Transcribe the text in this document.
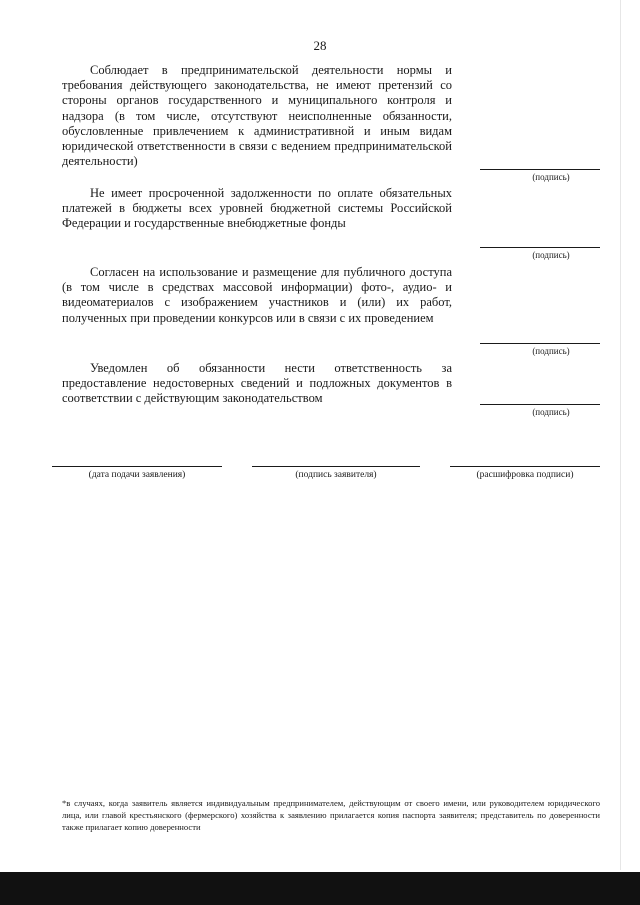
28
Соблюдает в предпринимательской деятельности нормы и требования действующего законодательства, не имеют претензий со стороны органов государственного и муниципального контроля и надзора (в том числе, отсутствуют неисполненные обязанности, обусловленные привлечением к административной и иным видам юридической ответственности в связи с ведением предпринимательской деятельности)
(подпись)
Не имеет просроченной задолженности по оплате обязательных платежей в бюджеты всех уровней бюджетной системы Российской Федерации и государственные внебюджетные фонды
(подпись)
Согласен на использование и размещение для публичного доступа (в том числе в средствах массовой информации) фото-, аудио- и видеоматериалов с изображением участников и (или) их работ, полученных при проведении конкурсов или в связи с их проведением
(подпись)
Уведомлен об обязанности нести ответственность за предоставление недостоверных сведений и подложных документов в соответствии с действующим законодательством
(подпись)
(дата подачи заявления)	(подпись заявителя)	(расшифровка подписи)
*в случаях, когда заявитель является индивидуальным предпринимателем, действующим от своего имени, или руководителем юридического лица, или главой крестьянского (фермерского) хозяйства к заявлению прилагается копия паспорта заявителя; представитель по доверенности также прилагает копию доверенности
